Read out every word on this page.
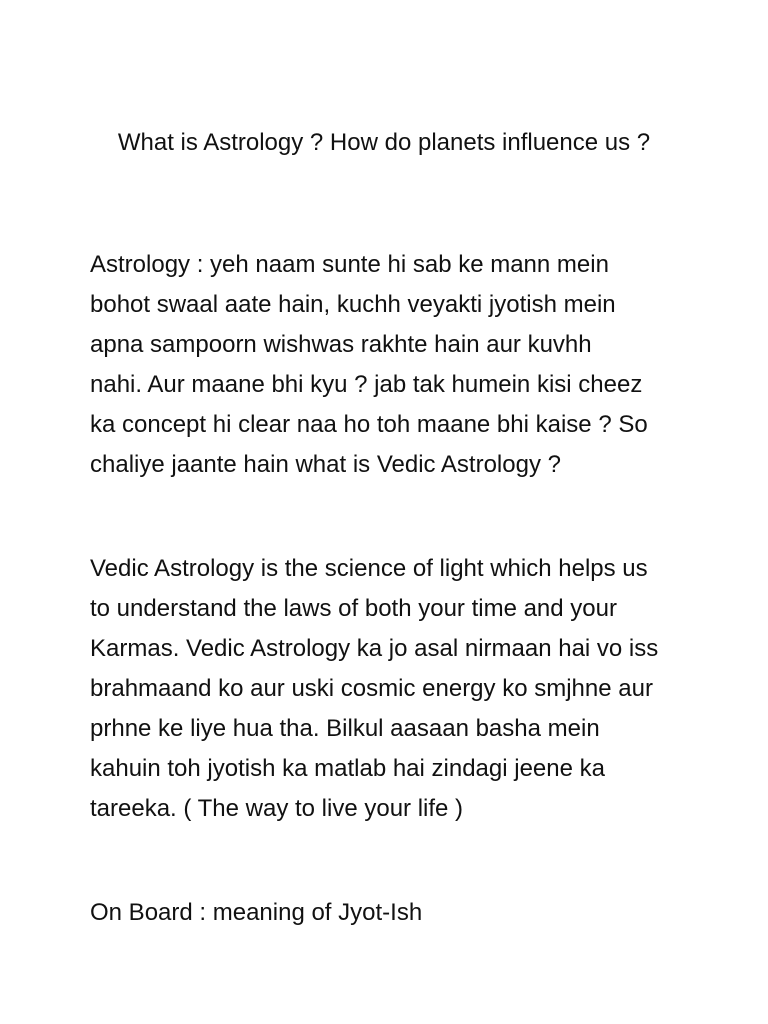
What is Astrology ? How do planets influence us ?

Astrology : yeh naam sunte hi sab ke mann mein
bohot swaal aate hain, kuchh veyakti jyotish mein
apna sampoorn wishwas rakhte hain aur kuvhh
nahi. Aur maane bhi kyu ? jab tak humein kisi cheez
ka concept hi clear naa ho toh maane bhi kaise ? So
chaliye jaante hain what is Vedic Astrology ?

Vedic Astrology is the science of light which helps us
to understand the laws of both your time and your
Karmas. Vedic Astrology ka jo asal nirmaan hai vo iss
brahmaand ko aur uski cosmic energy ko smjhne aur
prhne ke liye hua tha. Bilkul aasaan basha mein
kahuin toh jyotish ka matlab hai zindagi jeene ka
tareeka. ( The way to live your life )

On Board : meaning of Jyot-Ish
